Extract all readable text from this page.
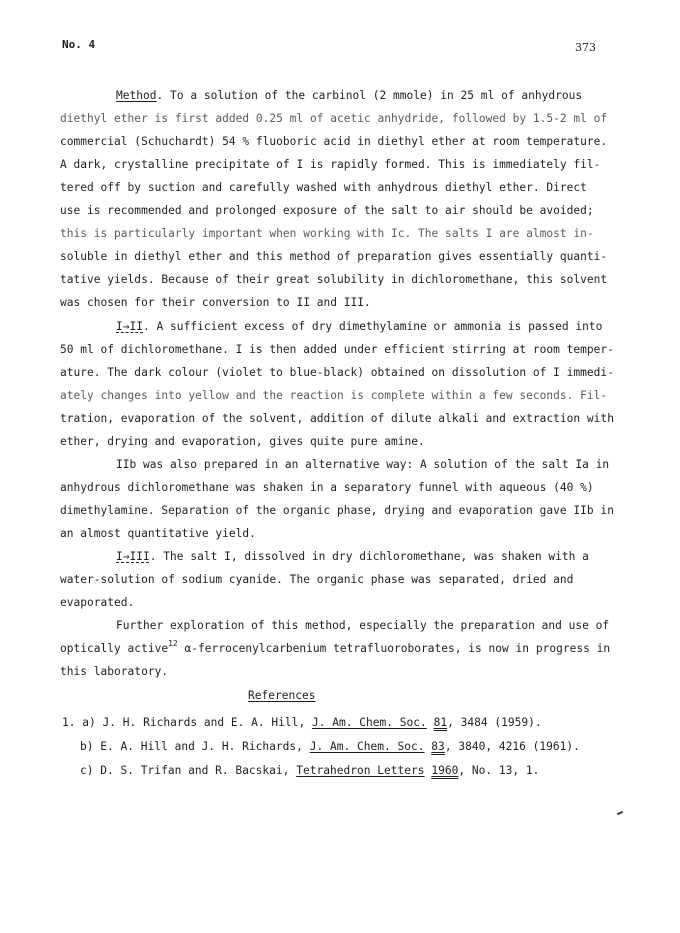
No. 4	373
Method. To a solution of the carbinol (2 mmole) in 25 ml of anhydrous
diethyl ether is first added 0.25 ml of acetic anhydride, followed by 1.5-2 ml of
commercial (Schuchardt) 54 % fluoboric acid in diethyl ether at room temperature.
A dark, crystalline precipitate of I is rapidly formed. This is immediately fil-
tered off by suction and carefully washed with anhydrous diethyl ether. Direct
use is recommended and prolonged exposure of the salt to air should be avoided;
this is particularly important when working with Ic. The salts I are almost in-
soluble in diethyl ether and this method of preparation gives essentially quanti-
tative yields. Because of their great solubility in dichloromethane, this solvent
was chosen for their conversion to II and III.
I→II. A sufficient excess of dry dimethylamine or ammonia is passed into
50 ml of dichloromethane. I is then added under efficient stirring at room temper-
ature. The dark colour (violet to blue-black) obtained on dissolution of I immedi-
ately changes into yellow and the reaction is complete within a few seconds. Fil-
tration, evaporation of the solvent, addition of dilute alkali and extraction with
ether, drying and evaporation, gives quite pure amine.
IIb was also prepared in an alternative way: A solution of the salt Ia in
anhydrous dichloromethane was shaken in a separatory funnel with aqueous (40 %)
dimethylamine. Separation of the organic phase, drying and evaporation gave IIb in
an almost quantitative yield.
I→III. The salt I, dissolved in dry dichloromethane, was shaken with a
water-solution of sodium cyanide. The organic phase was separated, dried and
evaporated.
Further exploration of this method, especially the preparation and use of
optically active$^{12}$ α-ferrocenylcarbenium tetrafluoroborates, is now in progress in
this laboratory.
References
1. a) J. H. Richards and E. A. Hill, J. Am. Chem. Soc. 81, 3484 (1959).
b) E. A. Hill and J. H. Richards, J. Am. Chem. Soc. 83, 3840, 4216 (1961).
c) D. S. Trifan and R. Bacskai, Tetrahedron Letters 1960, No. 13, 1.
